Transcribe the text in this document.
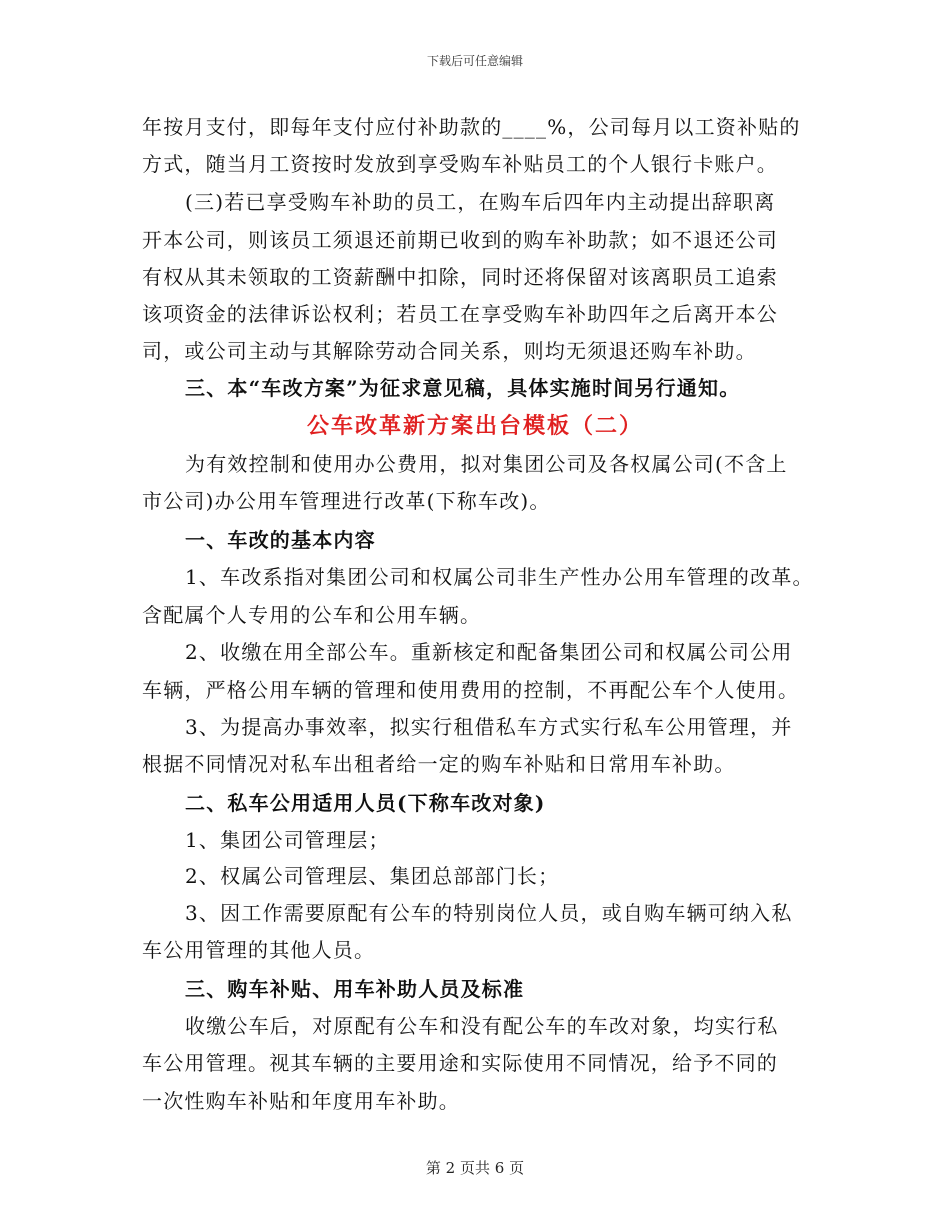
下载后可任意编辑
年按月支付，即每年支付应付补助款的____%，公司每月以工资补贴的
方式，随当月工资按时发放到享受购车补贴员工的个人银行卡账户。
(三)若已享受购车补助的员工，在购车后四年内主动提出辞职离
开本公司，则该员工须退还前期已收到的购车补助款；如不退还公司
有权从其未领取的工资薪酬中扣除，同时还将保留对该离职员工追索
该项资金的法律诉讼权利；若员工在享受购车补助四年之后离开本公
司，或公司主动与其解除劳动合同关系，则均无须退还购车补助。
三、本“车改方案”为征求意见稿，具体实施时间另行通知。
公车改革新方案出台模板（二）
为有效控制和使用办公费用，拟对集团公司及各权属公司(不含上
市公司)办公用车管理进行改革(下称车改)。
一、车改的基本内容
1、车改系指对集团公司和权属公司非生产性办公用车管理的改革。
含配属个人专用的公车和公用车辆。
2、收缴在用全部公车。重新核定和配备集团公司和权属公司公用
车辆，严格公用车辆的管理和使用费用的控制，不再配公车个人使用。
3、为提高办事效率，拟实行租借私车方式实行私车公用管理，并
根据不同情况对私车出租者给一定的购车补贴和日常用车补助。
二、私车公用适用人员(下称车改对象)
1、集团公司管理层；
2、权属公司管理层、集团总部部门长；
3、因工作需要原配有公车的特别岗位人员，或自购车辆可纳入私
车公用管理的其他人员。
三、购车补贴、用车补助人员及标准
收缴公车后，对原配有公车和没有配公车的车改对象，均实行私
车公用管理。视其车辆的主要用途和实际使用不同情况，给予不同的
一次性购车补贴和年度用车补助。
第 2 页共 6 页
